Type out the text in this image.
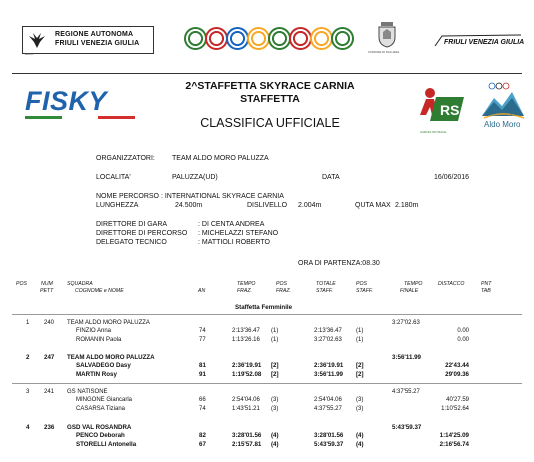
REGIONE AUTONOMA
FRIULI VENEZIA GIULIA
EDDA	COMUNE DI PALUZZA
FRIULI VENEZIA GIULIA
FISKY	2^STAFFETTA SKYRACE CARNIA
STAFFETTA
CLASSIFICA UFFICIALE
RS
CARNIA SKYRACE
Giovanni Cal Aldo Moro
Aldo Moro
ORGANIZZATORI: TEAM ALDO MORO PALUZZA
LOCALITA'	PALUZZA(UD)	DATA	16/06/2016
NOME PERCORSO : INTERNATIONAL SKYRACE CARNIA
LUNGHEZZA	24.500m	DISLIVELLO 2.004m	QUTA MAX 2.180m
DIRETTORE DI GARA	: DI CENTA ANDREA
DIRETTORE DI PERCORSO : MICHELAZZI STEFANO
DELEGATO TECNICO	: MATTIOLI ROBERTO
ORA DI PARTENZA:08.30
POS	NUM
PETT
SQUADRA
COGNOME e NOME	AN
TEMPO
FRAZ.
POS
FRAZ.
TOTALE
STAFF.
POS
STAFF.
TEMPO
FINALE
DISTACCO	PNT
TAB
Staffetta Femminile
1 240 TEAM ALDO MORO PALUZZA	3:27'02.63
FINZIO Anna	74	2:13'36.47 (1)	2:13'36.47 (1)	0.00
ROMANIN Paola	77	1:13'26.16 (1)	3:27'02.63 (1)	0.00
2 247 TEAM ALDO MORO PALUZZA	3:56'11.99
SALVADEGO Dasy	81	2:36'19.91 [2]	2:36'19.91 [2]	22'43.44
MARTIN Rosy	91	1:19'52.08 [2]	3:56'11.99 [2]	29'09.36
3 241 GS NATISONE	4:37'55.27
MINGONE Giancarla	66	2:54'04.06 (3)	2:54'04.06 (3)	40'27.59
CASARSA Tiziana	74	1:43'51.21 (3)	4:37'55.27 (3)	1:10'52.64
4 236 GSD VAL ROSANDRA	5:43'59.37
PENCO Deborah	82	3:28'01.56 (4)	3:28'01.56 (4)	1:14'25.09
STORELLI Antonella	67	2:15'57.81 (4)	5:43'59.37 (4)	2:16'56.74
